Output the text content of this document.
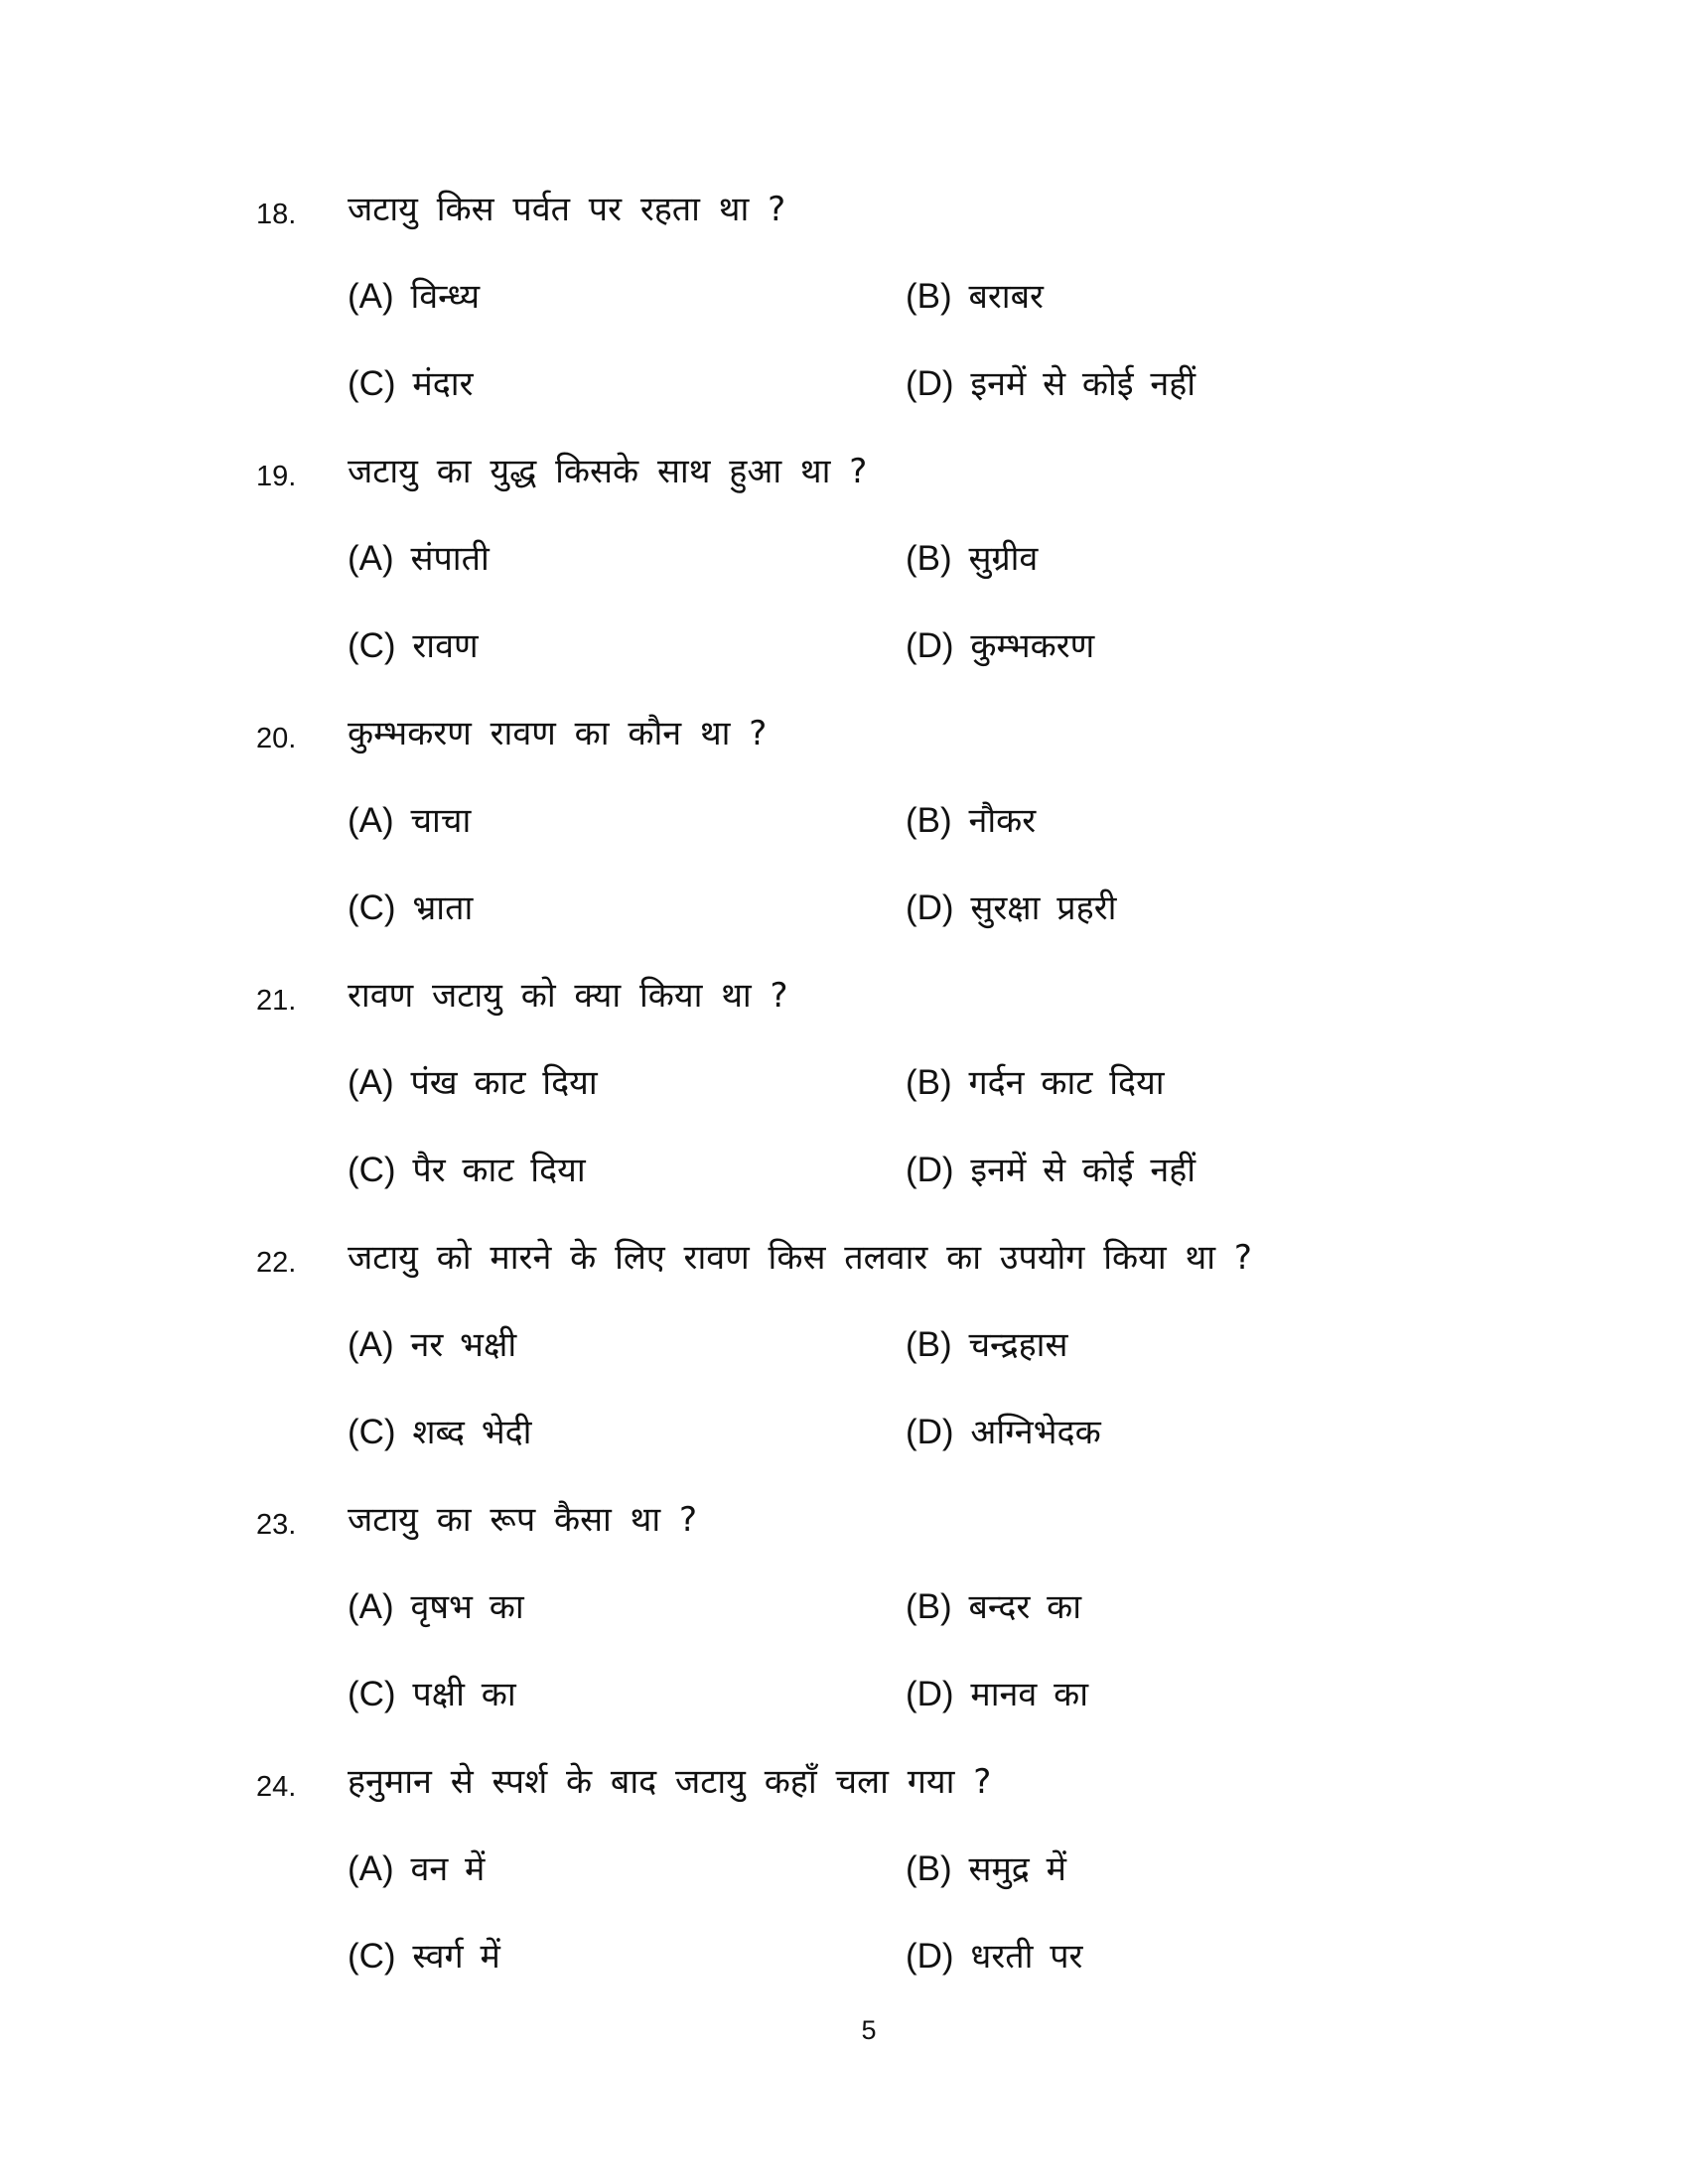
18. जटायु किस पर्वत पर रहता था ?
(A) विन्ध्य	(B) बराबर
(C) मंदार	(D) इनमें से कोई नहीं
19. जटायु का युद्ध किसके साथ हुआ था ?
(A) संपाती	(B) सुग्रीव
(C) रावण	(D) कुम्भकरण
20. कुम्भकरण रावण का कौन था ?
(A) चाचा	(B) नौकर
(C) भ्राता	(D) सुरक्षा प्रहरी
21. रावण जटायु को क्या किया था ?
(A) पंख काट दिया	(B) गर्दन काट दिया
(C) पैर काट दिया	(D) इनमें से कोई नहीं
22. जटायु को मारने के लिए रावण किस तलवार का उपयोग किया था ?
(A) नर भक्षी	(B) चन्द्रहास
(C) शब्द भेदी	(D) अग्निभेदक
23. जटायु का रूप कैसा था ?
(A) वृषभ का	(B) बन्दर का
(C) पक्षी का	(D) मानव का
24. हनुमान से स्पर्श के बाद जटायु कहाँ चला गया ?
(A) वन में	(B) समुद्र में
(C) स्वर्ग में	(D) धरती पर
5
